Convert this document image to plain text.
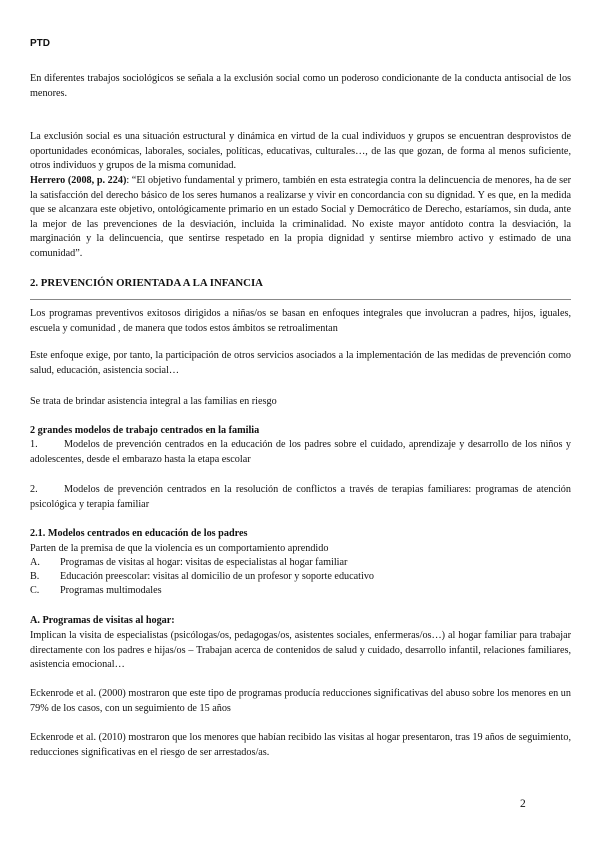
PTD

En diferentes trabajos sociológicos se señala a la exclusión social como un poderoso condicionante de la conducta antisocial de los menores.

La exclusión social es una situación estructural y dinámica en virtud de la cual individuos y grupos se encuentran desprovistos de oportunidades económicas, laborales, sociales, políticas, educativas, culturales…, de las que gozan, de forma al menos suficiente, otros individuos y grupos de la misma comunidad.

Herrero (2008, p. 224): “El objetivo fundamental y primero, también en esta estrategia contra la delincuencia de menores, ha de ser la satisfacción del derecho básico de los seres humanos a realizarse y vivir en concordancia con su dignidad. Y es que, en la medida que se alcanzara este objetivo, ontológicamente primario en un estado Social y Democrático de Derecho, estaríamos, sin duda, ante la mejor de las prevenciones de la desviación, incluida la criminalidad. No existe mayor antídoto contra la desviación, la marginación y la delincuencia, que sentirse respetado en la propia dignidad y sentirse miembro activo y estimado de una comunidad”.

2. PREVENCIÓN ORIENTADA A LA INFANCIA

Los programas preventivos exitosos dirigidos a niñas/os se basan en enfoques integrales que involucran a padres, hijos, iguales, escuela y comunidad , de manera que todos estos ámbitos se retroalimentan

Este enfoque exige, por tanto, la participación de otros servicios asociados a la implementación de las medidas de prevención como salud, educación, asistencia social…

Se trata de brindar asistencia integral a las familias en riesgo

2 grandes modelos de trabajo centrados en la familia

1.	Modelos de prevención centrados en la educación de los padres sobre el cuidado, aprendizaje y desarrollo de los niños y adolescentes, desde el embarazo hasta la etapa escolar

2.	Modelos de prevención centrados en la resolución de conflictos a través de terapias familiares: programas de atención psicológica y terapia familiar

2.1. Modelos centrados en educación de los padres

Parten de la premisa de que la violencia es un comportamiento aprendido

A. Programas de visitas al hogar: visitas de especialistas al hogar familiar

B. Educación preescolar: visitas al domicilio de un profesor y soporte educativo

C. Programas multimodales

A. Programas de visitas al hogar:

Implican la visita de especialistas (psicólogas/os, pedagogas/os, asistentes sociales, enfermeras/os…) al hogar familiar para trabajar directamente con los padres e hijas/os – Trabajan acerca de contenidos de salud y cuidado, desarrollo infantil, relaciones familiares, asistencia emocional…

Eckenrode et al. (2000) mostraron que este tipo de programas producía reducciones significativas del abuso sobre los menores en un 79% de los casos, con un seguimiento de 15 años

Eckenrode et al. (2010) mostraron que los menores que habían recibido las visitas al hogar presentaron, tras 19 años de seguimiento, reducciones significativas en el riesgo de ser arrestados/as.

2
